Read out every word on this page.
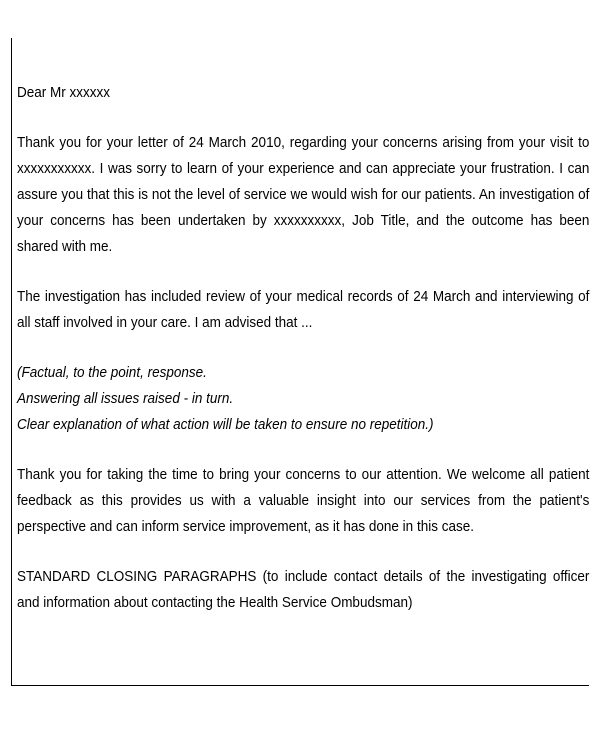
Dear Mr xxxxxx

Thank you for your letter of 24 March 2010, regarding your concerns arising from your visit to xxxxxxxxxxx. I was sorry to learn of your experience and can appreciate your frustration. I can assure you that this is not the level of service we would wish for our patients. An investigation of your concerns has been undertaken by xxxxxxxxxx, Job Title, and the outcome has been shared with me.

The investigation has included review of your medical records of 24 March and interviewing of all staff involved in your care. I am advised that ...

(Factual, to the point, response.
Answering all issues raised - in turn.
Clear explanation of what action will be taken to ensure no repetition.)

Thank you for taking the time to bring your concerns to our attention. We welcome all patient feedback as this provides us with a valuable insight into our services from the patient's perspective and can inform service improvement, as it has done in this case.

STANDARD CLOSING PARAGRAPHS (to include contact details of the investigating officer and information about contacting the Health Service Ombudsman)
